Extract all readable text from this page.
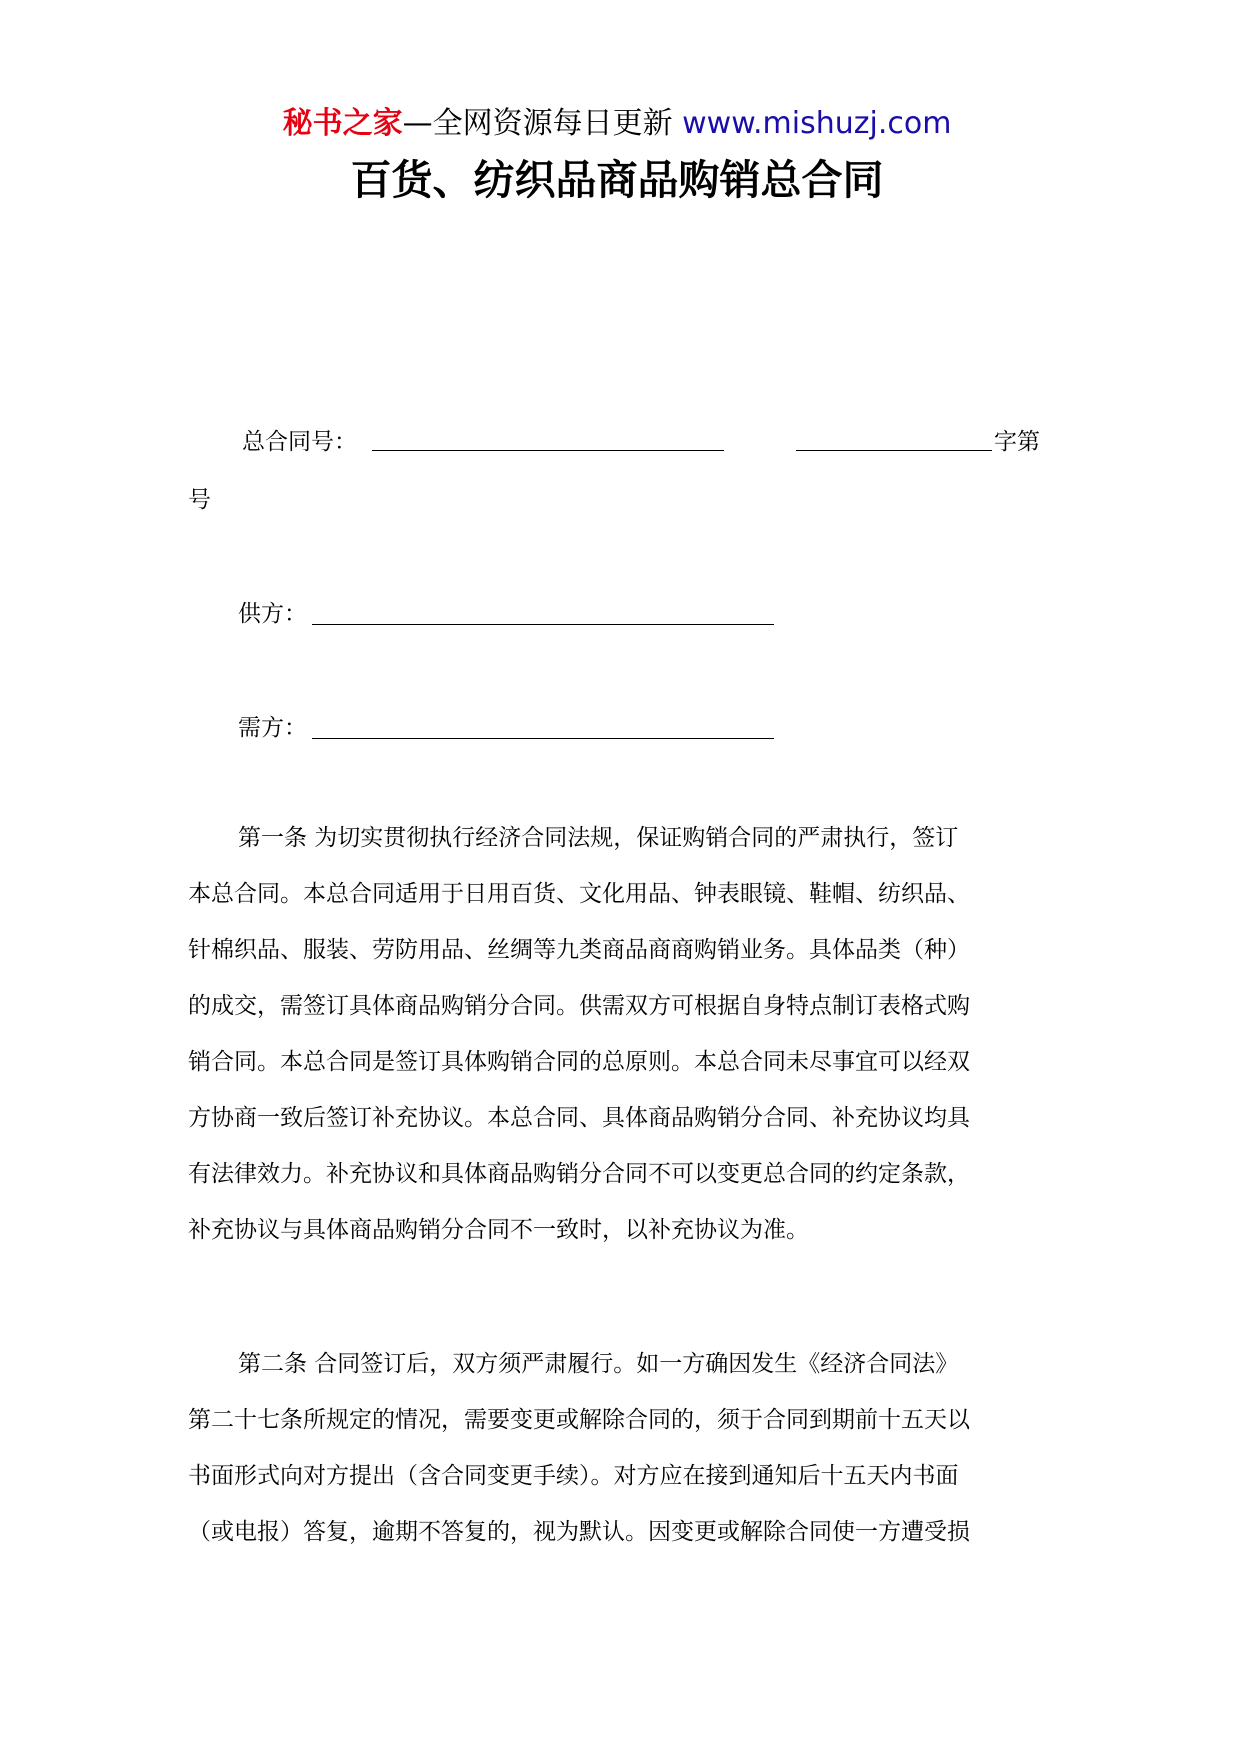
秘书之家—全网资源每日更新 www.mishuzj.com
百货、纺织品商品购销总合同
总合同号：	字第
号
供方：
需方：
第一条 为切实贯彻执行经济合同法规，保证购销合同的严肃执行，签订
本总合同。本总合同适用于日用百货、文化用品、钟表眼镜、鞋帽、纺织品、
针棉织品、服装、劳防用品、丝绸等九类商品商商购销业务。具体品类（种）
的成交，需签订具体商品购销分合同。供需双方可根据自身特点制订表格式购
销合同。本总合同是签订具体购销合同的总原则。本总合同未尽事宜可以经双
方协商一致后签订补充协议。本总合同、具体商品购销分合同、补充协议均具
有法律效力。补充协议和具体商品购销分合同不可以变更总合同的约定条款，
补充协议与具体商品购销分合同不一致时，以补充协议为准。
第二条 合同签订后，双方须严肃履行。如一方确因发生《经济合同法》
第二十七条所规定的情况，需要变更或解除合同的，须于合同到期前十五天以
书面形式向对方提出（含合同变更手续）。对方应在接到通知后十五天内书面
（或电报）答复，逾期不答复的，视为默认。因变更或解除合同使一方遭受损
